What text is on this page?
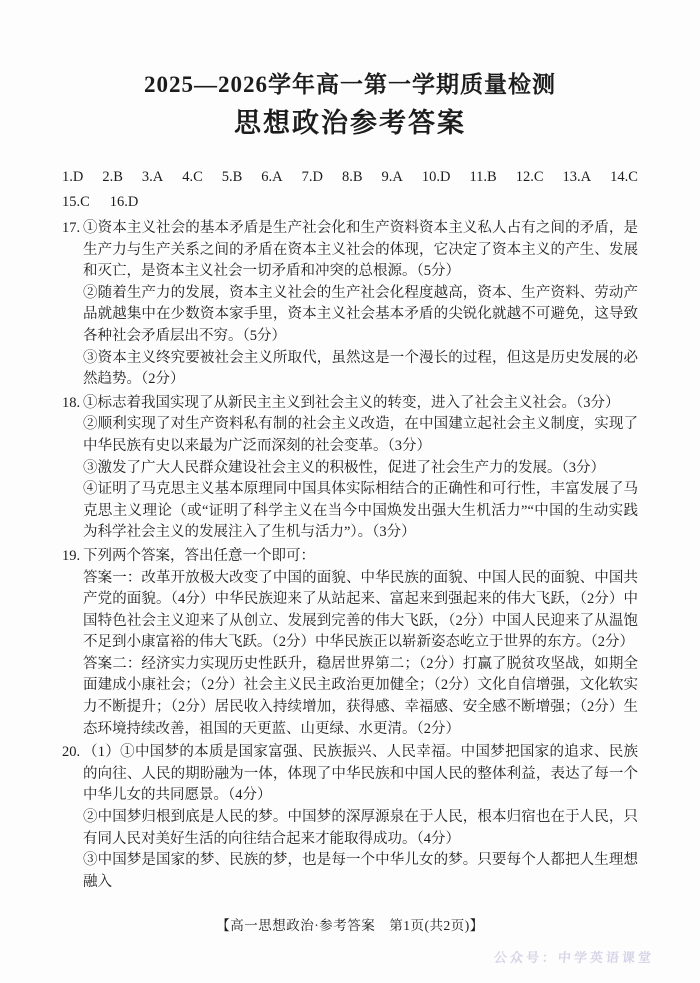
2025—2026学年高一第一学期质量检测
思想政治参考答案
1.D 2.B 3.A 4.C 5.B 6.A 7.D 8.B 9.A 10.D 11.B 12.C 13.A 14.C
15.C 16.D
17. ①资本主义社会的基本矛盾是生产社会化和生产资料资本主义私人占有之间的矛盾，是生产力与生产关系之间的矛盾在资本主义社会的体现，它决定了资本主义的产生、发展和灭亡，是资本主义社会一切矛盾和冲突的总根源。（5分）

②随着生产力的发展，资本主义社会的生产社会化程度越高，资本、生产资料、劳动产品就越集中在少数资本家手里，资本主义社会基本矛盾的尖锐化就越不可避免，这导致各种社会矛盾层出不穷。（5分）

③资本主义终究要被社会主义所取代，虽然这是一个漫长的过程，但这是历史发展的必然趋势。（2分）

18. ①标志着我国实现了从新民主主义到社会主义的转变，进入了社会主义社会。（3分）

②顺利实现了对生产资料私有制的社会主义改造，在中国建立起社会主义制度，实现了中华民族有史以来最为广泛而深刻的社会变革。（3分）

③激发了广大人民群众建设社会主义的积极性，促进了社会生产力的发展。（3分）

④证明了马克思主义基本原理同中国具体实际相结合的正确性和可行性，丰富发展了马克思主义理论（或“证明了科学主义在当今中国焕发出强大生机活力”“中国的生动实践为科学社会主义的发展注入了生机与活力”）。（3分）

19. 下列两个答案，答出任意一个即可：

答案一：改革开放极大改变了中国的面貌、中华民族的面貌、中国人民的面貌、中国共产党的面貌。（4分）中华民族迎来了从站起来、富起来到强起来的伟大飞跃，（2分）中国特色社会主义迎来了从创立、发展到完善的伟大飞跃，（2分）中国人民迎来了从温饱不足到小康富裕的伟大飞跃。（2分）中华民族正以崭新姿态屹立于世界的东方。（2分）

答案二：经济实力实现历史性跃升，稳居世界第二；（2分）打赢了脱贫攻坚战，如期全面建成小康社会；（2分）社会主义民主政治更加健全；（2分）文化自信增强，文化软实力不断提升；（2分）居民收入持续增加，获得感、幸福感、安全感不断增强；（2分）生态环境持续改善，祖国的天更蓝、山更绿、水更清。（2分）

20. （1）①中国梦的本质是国家富强、民族振兴、人民幸福。中国梦把国家的追求、民族的向往、人民的期盼融为一体，体现了中华民族和中国人民的整体利益，表达了每一个中华儿女的共同愿景。（4分）

②中国梦归根到底是人民的梦。中国梦的深厚源泉在于人民，根本归宿也在于人民，只有同人民对美好生活的向往结合起来才能取得成功。（4分）

③中国梦是国家的梦、民族的梦，也是每一个中华儿女的梦。只要每个人都把人生理想融入

【高一思想政治·参考答案　第1页(共2页)】
公众号：中学英语课堂
